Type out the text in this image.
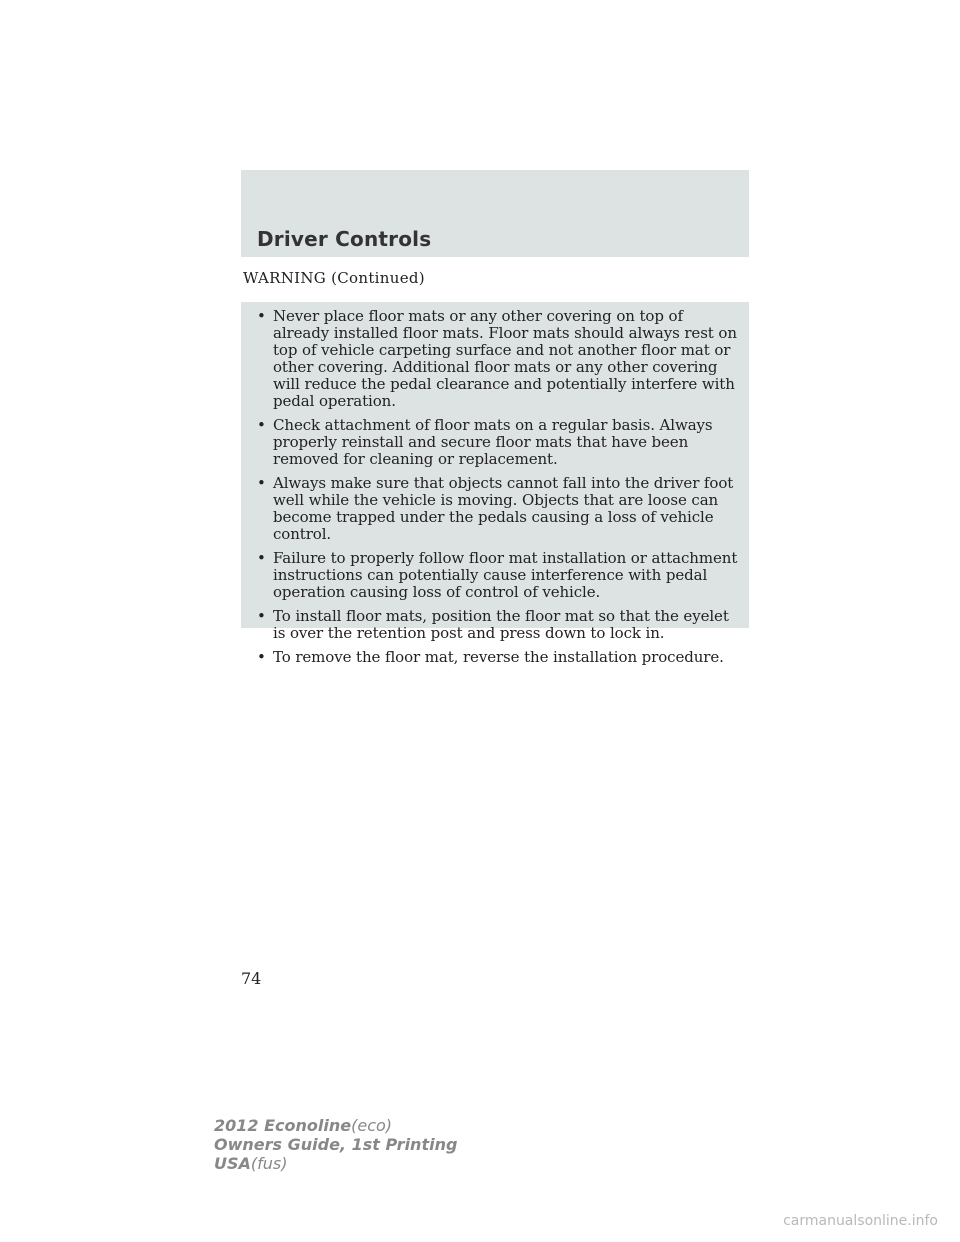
Driver Controls

WARNING (Continued)

• Never place floor mats or any other covering on top of already installed floor mats. Floor mats should always rest on top of vehicle carpeting surface and not another floor mat or other covering. Additional floor mats or any other covering will reduce the pedal clearance and potentially interfere with pedal operation.
• Check attachment of floor mats on a regular basis. Always properly reinstall and secure floor mats that have been removed for cleaning or replacement.
• Always make sure that objects cannot fall into the driver foot well while the vehicle is moving. Objects that are loose can become trapped under the pedals causing a loss of vehicle control.
• Failure to properly follow floor mat installation or attachment instructions can potentially cause interference with pedal operation causing loss of control of vehicle.
• To install floor mats, position the floor mat so that the eyelet is over the retention post and press down to lock in.
• To remove the floor mat, reverse the installation procedure.

74

2012 Econoline(eco)
Owners Guide, 1st Printing
USA(fus)

carmanualsonline.info
